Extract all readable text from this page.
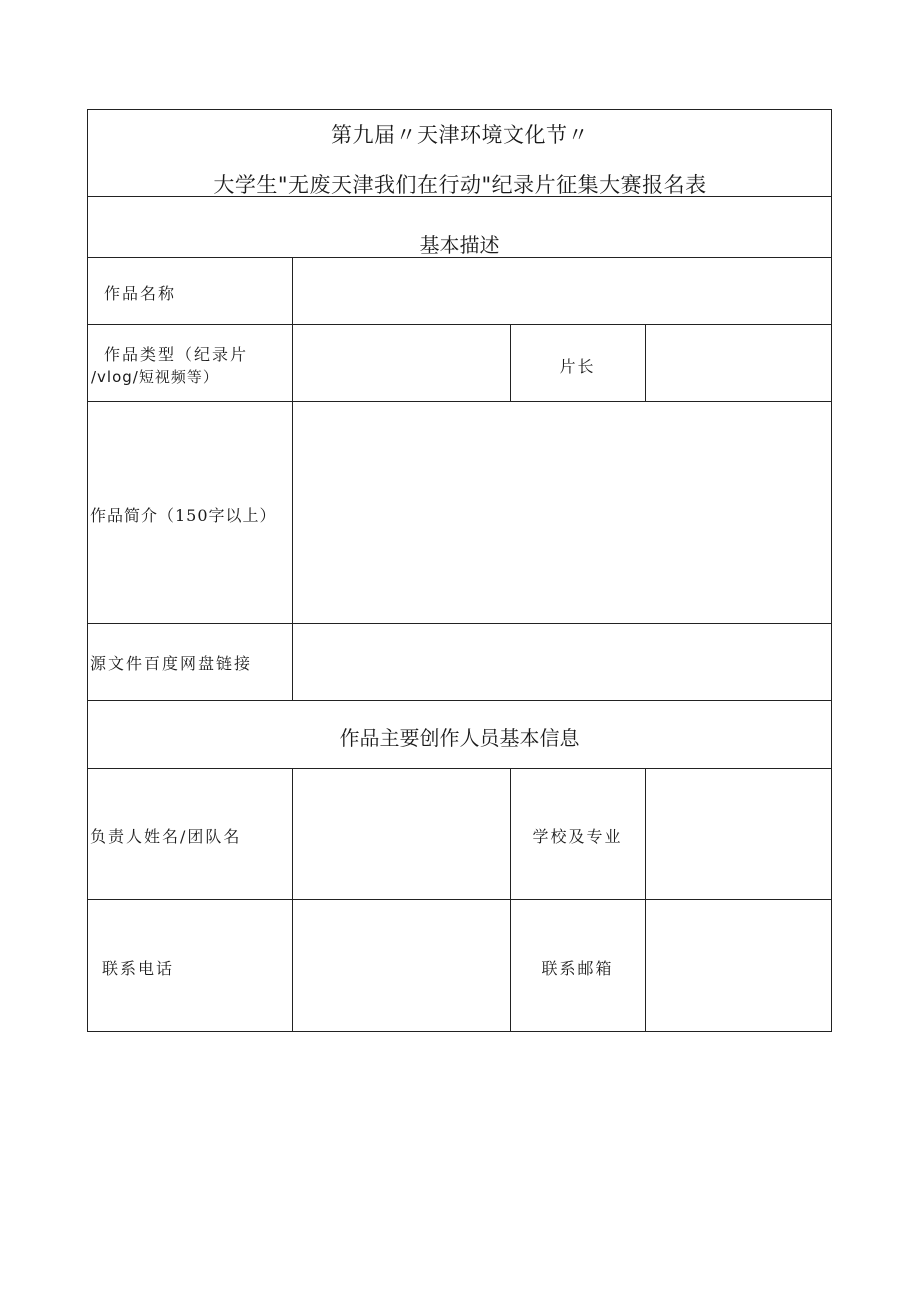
第九届〃天津环境文化节〃
大学生"无废天津我们在行动"纪录片征集大赛报名表
基本描述
作品名称
作品类型（纪录片
/vlog/短视频等）
片长
作品简介（150字以上）
源文件百度网盘链接
作品主要创作人员基本信息
负责人姓名/团队名	学校及专业
联系电话	联系邮箱
